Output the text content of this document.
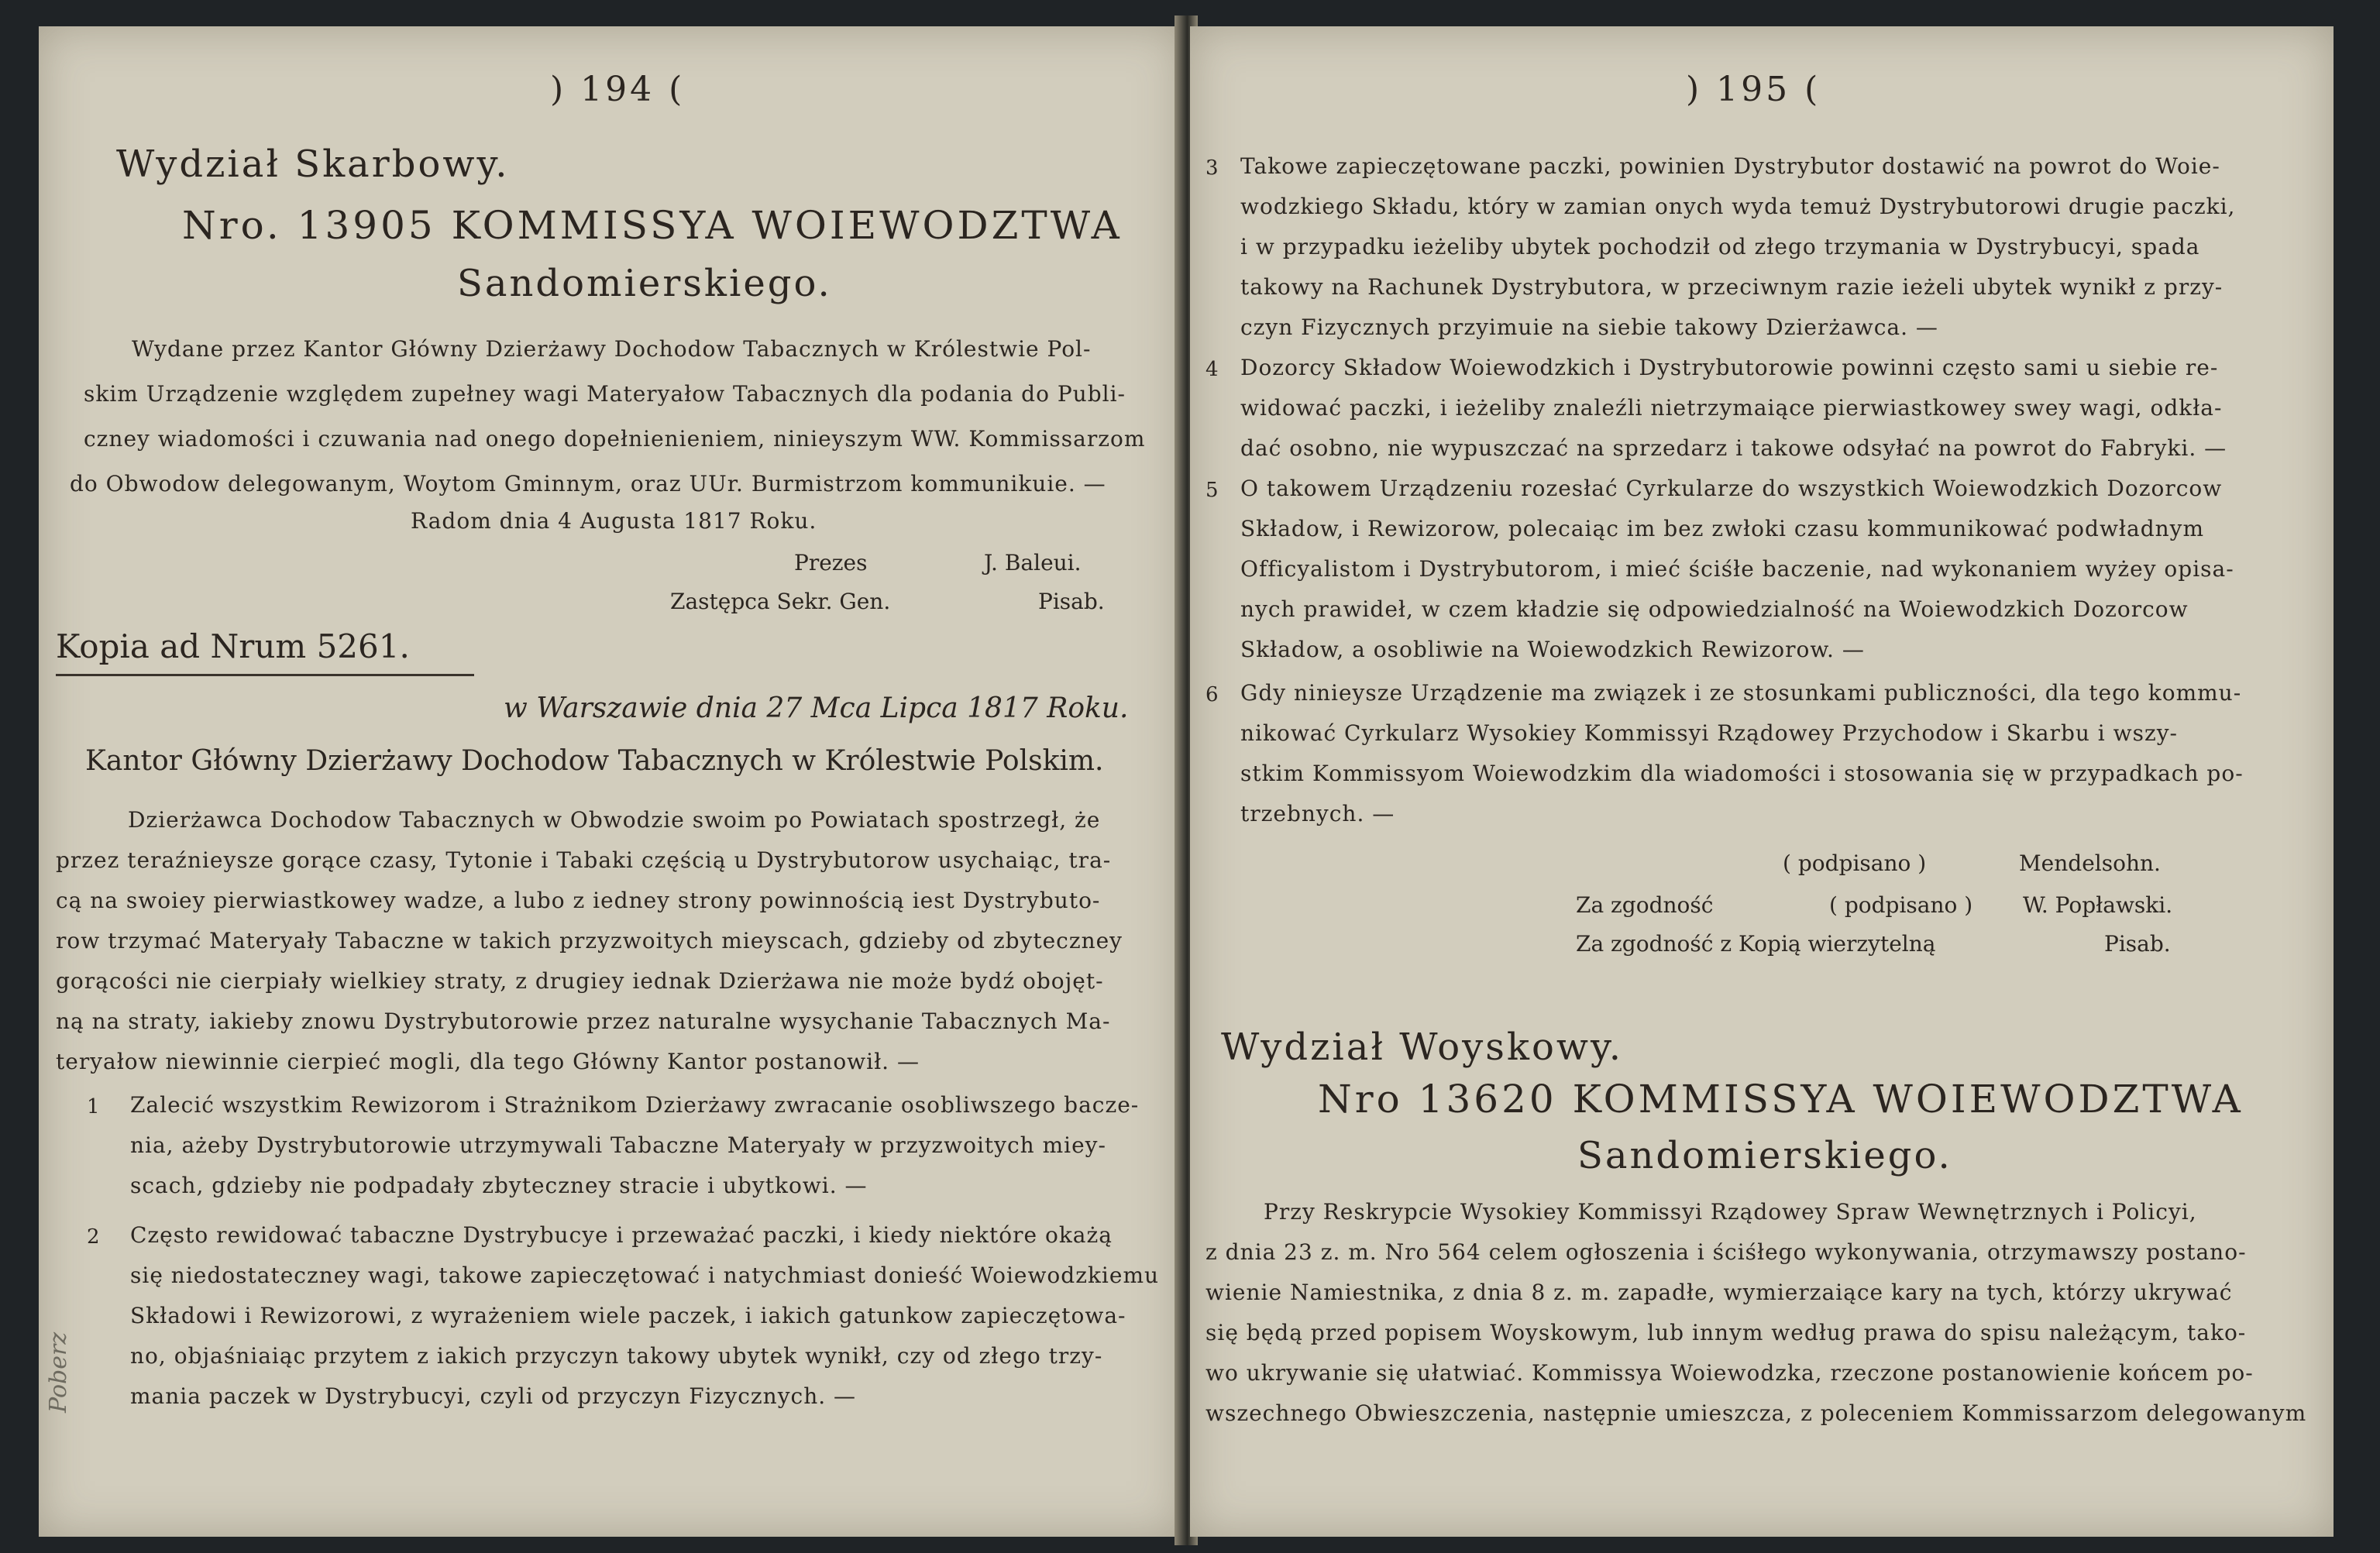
) 194 (
Wydział Skarbowy.
Nro. 13905 KOMMISSYA WOIEWODZTWA
Sandomierskiego.
Wydane przez Kantor Główny Dzierżawy Dochodow Tabacznych w Królestwie Pol-
skim Urządzenie względem zupełney wagi Materyałow Tabacznych dla podania do Publi-
czney wiadomości i czuwania nad onego dopełnienieniem, ninieyszym WW. Kommissarzom
do Obwodow delegowanym, Woytom Gminnym, oraz UUr. Burmistrzom kommunikuie. —
Radom dnia 4 Augusta 1817 Roku.
Prezes	J. Baleui.
Zastępca Sekr. Gen.	Pisab.
Kopia ad Nrum 5261.
w Warszawie dnia 27 Mca Lipca 1817 Roku.
Kantor Główny Dzierżawy Dochodow Tabacznych w Królestwie Polskim.
Dzierżawca Dochodow Tabacznych w Obwodzie swoim po Powiatach spostrzegł, że
przez teraźnieysze gorące czasy, Tytonie i Tabaki częścią u Dystrybutorow usychaiąc, tra-
cą na swoiey pierwiastkowey wadze, a lubo z iedney strony powinnością iest Dystrybuto-
row trzymać Materyały Tabaczne w takich przyzwoitych mieyscach, gdzieby od zbyteczney
gorącości nie cierpiały wielkiey straty, z drugiey iednak Dzierżawa nie może bydź obojęt-
ną na straty, iakieby znowu Dystrybutorowie przez naturalne wysychanie Tabacznych Ma-
teryałow niewinnie cierpieć mogli, dla tego Główny Kantor postanowił. —
1 Zalecić wszystkim Rewizorom i Strażnikom Dzierżawy zwracanie osobliwszego bacze-
nia, ażeby Dystrybutorowie utrzymywali Tabaczne Materyały w przyzwoitych miey-
scach, gdzieby nie podpadały zbyteczney stracie i ubytkowi. —
2 Często rewidować tabaczne Dystrybucye i przeważać paczki, i kiedy niektóre okażą
się niedostateczney wagi, takowe zapieczętować i natychmiast donieść Woiewodzkiemu
Składowi i Rewizorowi, z wyrażeniem wiele paczek, i iakich gatunkow zapieczętowa-
no, objaśniaiąc przytem z iakich przyczyn takowy ubytek wynikł, czy od złego trzy-
mania paczek w Dystrybucyi, czyli od przyczyn Fizycznych. —
Poberz
) 195 (
3 Takowe zapieczętowane paczki, powinien Dystrybutor dostawić na powrot do Woie-
wodzkiego Składu, który w zamian onych wyda temuż Dystrybutorowi drugie paczki,
i w przypadku ieżeliby ubytek pochodził od złego trzymania w Dystrybucyi, spada
takowy na Rachunek Dystrybutora, w przeciwnym razie ieżeli ubytek wynikł z przy-
czyn Fizycznych przyimuie na siebie takowy Dzierżawca. —
4 Dozorcy Składow Woiewodzkich i Dystrybutorowie powinni często sami u siebie re-
widować paczki, i ieżeliby znaleźli nietrzymaiące pierwiastkowey swey wagi, odkła-
dać osobno, nie wypuszczać na sprzedarz i takowe odsyłać na powrot do Fabryki. —
5 O takowem Urządzeniu rozesłać Cyrkularze do wszystkich Woiewodzkich Dozorcow
Składow, i Rewizorow, polecaiąc im bez zwłoki czasu kommunikować podwładnym
Officyalistom i Dystrybutorom, i mieć ściśłe baczenie, nad wykonaniem wyżey opisa-
nych prawideł, w czem kładzie się odpowiedzialność na Woiewodzkich Dozorcow
Składow, a osobliwie na Woiewodzkich Rewizorow. —
6 Gdy ninieysze Urządzenie ma związek i ze stosunkami publiczności, dla tego kommu-
nikować Cyrkularz Wysokiey Kommissyi Rządowey Przychodow i Skarbu i wszy-
stkim Kommissyom Woiewodzkim dla wiadomości i stosowania się w przypadkach po-
trzebnych. —
( podpisano )	Mendelsohn.
Za zgodność	( podpisano ) W. Popławski.
Za zgodność z Kopią wierzytelną	Pisab.
Wydział Woyskowy.
Nro 13620 KOMMISSYA WOIEWODZTWA
Sandomierskiego.
Przy Reskrypcie Wysokiey Kommissyi Rządowey Spraw Wewnętrznych i Policyi,
z dnia 23 z. m. Nro 564 celem ogłoszenia i ściśłego wykonywania, otrzymawszy postano-
wienie Namiestnika, z dnia 8 z. m. zapadłe, wymierzaiące kary na tych, którzy ukrywać
się będą przed popisem Woyskowym, lub innym według prawa do spisu należącym, tako-
wo ukrywanie się ułatwiać. Kommissya Woiewodzka, rzeczone postanowienie końcem po-
wszechnego Obwieszczenia, następnie umieszcza, z poleceniem Kommissarzom delegowanym
